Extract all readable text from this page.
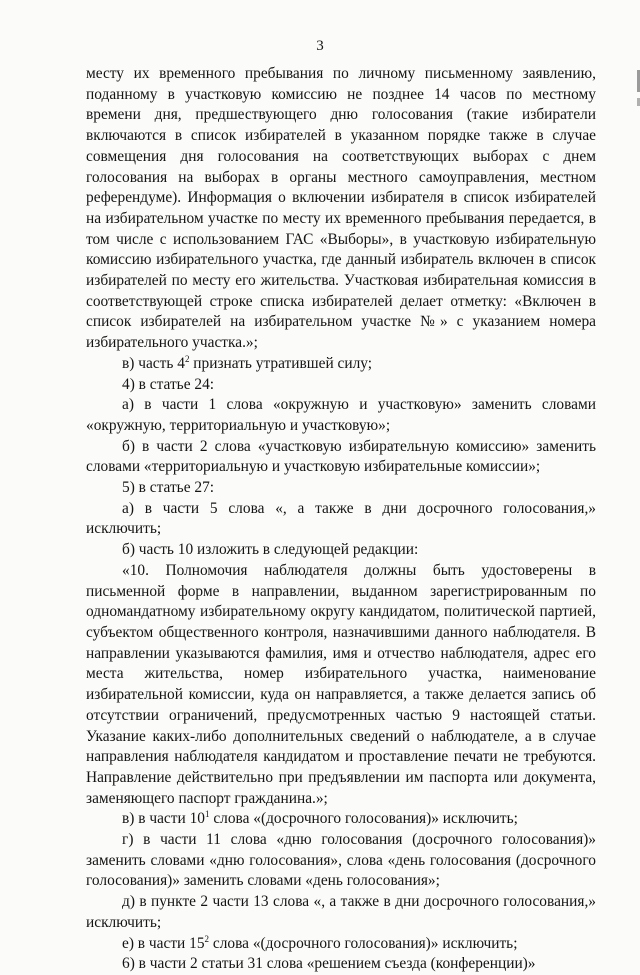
3

месту их временного пребывания по личному письменному заявлению, поданному в участковую комиссию не позднее 14 часов по местному времени дня, предшествующего дню голосования (такие избиратели включаются в список избирателей в указанном порядке также в случае совмещения дня голосования на соответствующих выборах с днем голосования на выборах в органы местного самоуправления, местном референдуме). Информация о включении избирателя в список избирателей на избирательном участке по месту их временного пребывания передается, в том числе с использованием ГАС «Выборы», в участковую избирательную комиссию избирательного участка, где данный избиратель включен в список избирателей по месту его жительства. Участковая избирательная комиссия в соответствующей строке списка избирателей делает отметку: «Включен в список избирателей на избирательном участке №» с указанием номера избирательного участка.»;

в) часть $4^2$ признать утратившей силу;

4) в статье 24:

а) в части 1 слова «окружную и участковую» заменить словами «окружную, территориальную и участковую»;

б) в части 2 слова «участковую избирательную комиссию» заменить словами «территориальную и участковую избирательные комиссии»;

5) в статье 27:

а) в части 5 слова «, а также в дни досрочного голосования,» исключить;

б) часть 10 изложить в следующей редакции:

«10. Полномочия наблюдателя должны быть удостоверены в письменной форме в направлении, выданном зарегистрированным по одномандатному избирательному округу кандидатом, политической партией, субъектом общественного контроля, назначившими данного наблюдателя. В направлении указываются фамилия, имя и отчество наблюдателя, адрес его места жительства, номер избирательного участка, наименование избирательной комиссии, куда он направляется, а также делается запись об отсутствии ограничений, предусмотренных частью 9 настоящей статьи. Указание каких-либо дополнительных сведений о наблюдателе, а в случае направления наблюдателя кандидатом и проставление печати не требуются. Направление действительно при предъявлении им паспорта или документа, заменяющего паспорт гражданина.»;

в) в части $10^1$ слова «(досрочного голосования)» исключить;

г) в части 11 слова «дню голосования (досрочного голосования)» заменить словами «дню голосования», слова «день голосования (досрочного голосования)» заменить словами «день голосования»;

д) в пункте 2 части 13 слова «, а также в дни досрочного голосования,» исключить;

е) в части $15^2$ слова «(досрочного голосования)» исключить;

6) в части 2 статьи 31 слова «решением съезда (конференции)»
